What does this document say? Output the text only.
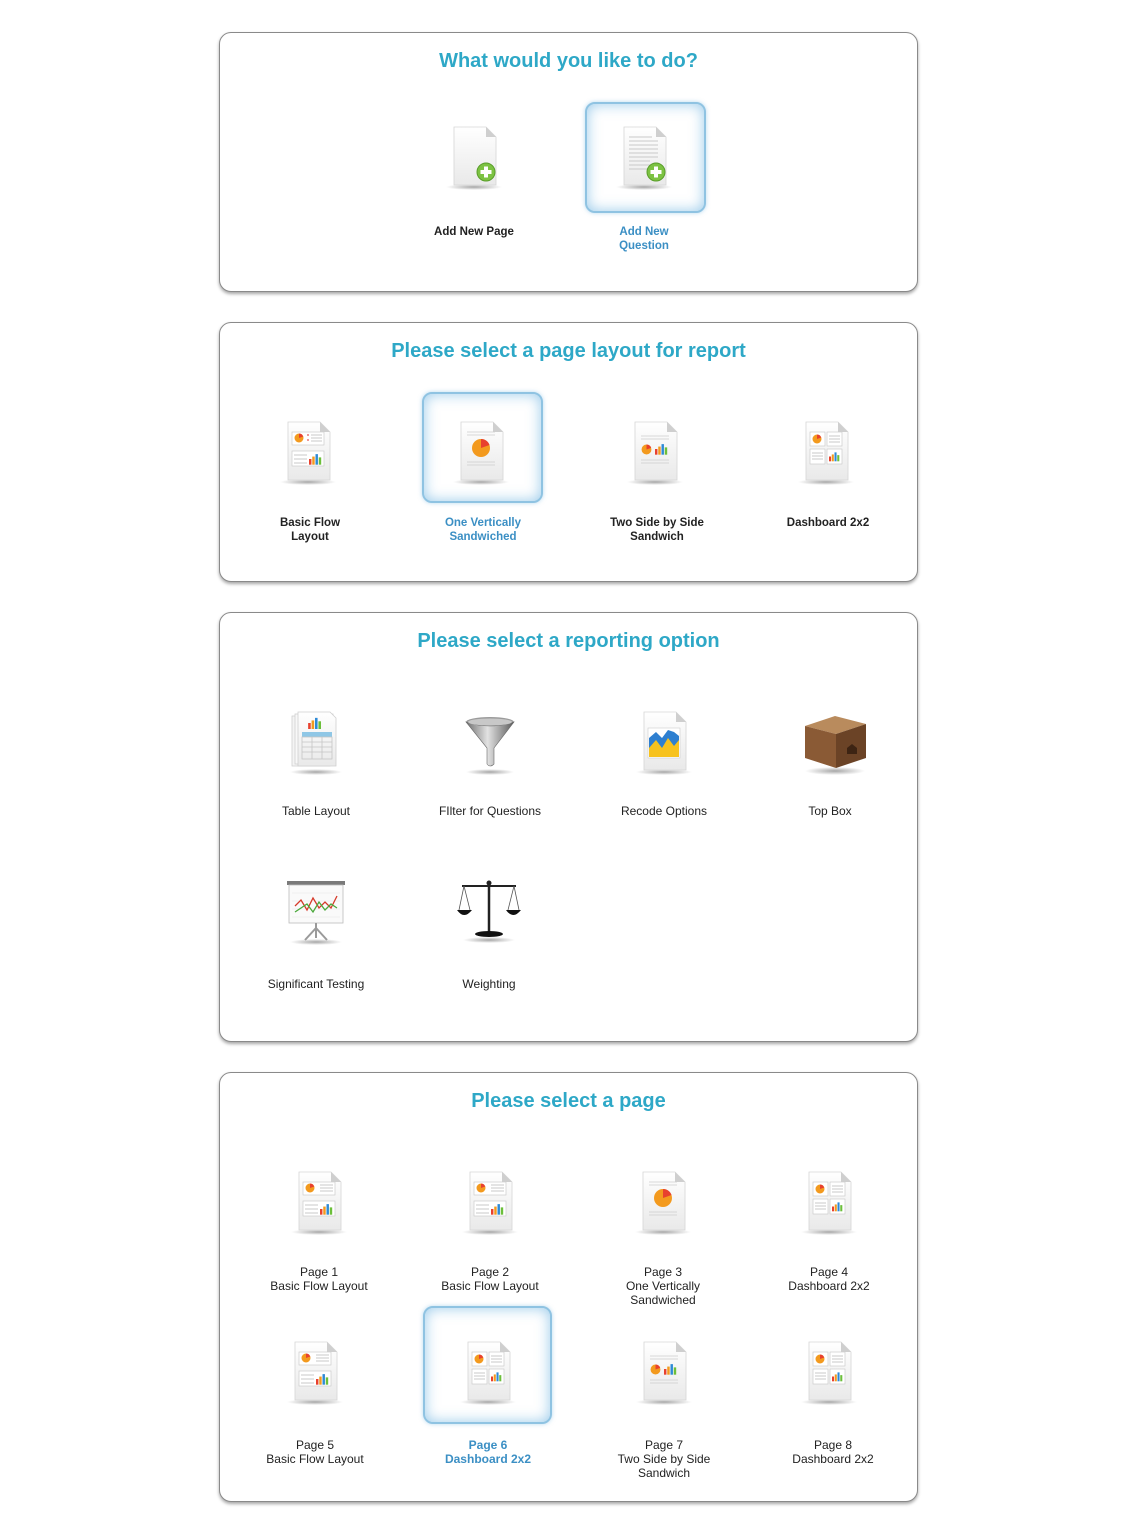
What would you like to do?
Add New Page	Add New
Question
Please select a page layout for report
Basic Flow
Layout
One Vertically
Sandwiched
Two Side by Side
Sandwich
Dashboard 2x2
Please select a reporting option
Table Layout	FIlter for Questions	Recode Options	Top Box
Significant Testing	Weighting
Please select a page
Page 1
Basic Flow Layout
Page 2
Basic Flow Layout
Page 3
One Vertically
Sandwiched
Page 4
Dashboard 2x2
Page 5
Basic Flow Layout
Page 6
Dashboard 2x2
Page 7
Two Side by Side
Sandwich
Page 8
Dashboard 2x2
